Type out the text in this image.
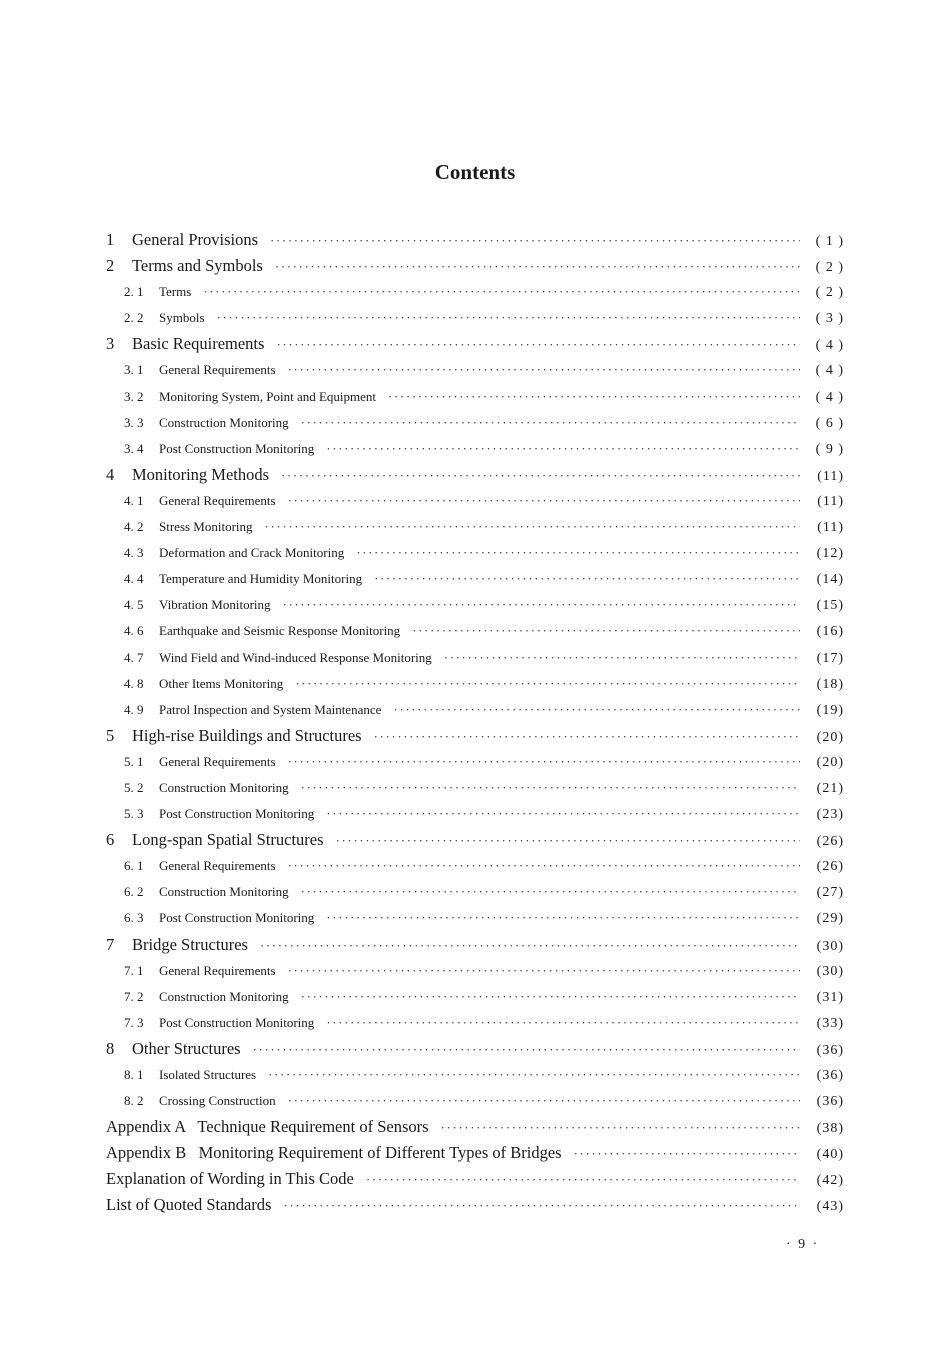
Contents
1	General Provisions ·····	( 1 )
2	Terms and Symbols ·····	( 2 )
2. 1	Terms ·····	( 2 )
2. 2	Symbols ·····	( 3 )
3	Basic Requirements ·····	( 4 )
3. 1	General Requirements ·····	( 4 )
3. 2	Monitoring System, Point and Equipment ·····	( 4 )
3. 3	Construction Monitoring ·····	( 6 )
3. 4	Post Construction Monitoring ·····	( 9 )
4	Monitoring Methods ·····	(11)
4. 1	General Requirements ·····	(11)
4. 2	Stress Monitoring ·····	(11)
4. 3	Deformation and Crack Monitoring ·····	(12)
4. 4	Temperature and Humidity Monitoring ·····	(14)
4. 5	Vibration Monitoring ·····	(15)
4. 6	Earthquake and Seismic Response Monitoring ·····	(16)
4. 7	Wind Field and Wind-induced Response Monitoring ·····	(17)
4. 8	Other Items Monitoring ·····	(18)
4. 9	Patrol Inspection and System Maintenance ·····	(19)
5	High-rise Buildings and Structures ·····	(20)
5. 1	General Requirements ·····	(20)
5. 2	Construction Monitoring ·····	(21)
5. 3	Post Construction Monitoring ·····	(23)
6	Long-span Spatial Structures ·····	(26)
6. 1	General Requirements ·····	(26)
6. 2	Construction Monitoring ·····	(27)
6. 3	Post Construction Monitoring ·····	(29)
7	Bridge Structures ·····	(30)
7. 1	General Requirements ·····	(30)
7. 2	Construction Monitoring ·····	(31)
7. 3	Post Construction Monitoring ·····	(33)
8	Other Structures ·····	(36)
8. 1	Isolated Structures ·····	(36)
8. 2	Crossing Construction ·····	(36)
Appendix A   Technique Requirement of Sensors ·····	(38)
Appendix B   Monitoring Requirement of Different Types of Bridges ·····	(40)
Explanation of Wording in This Code ·····	(42)
List of Quoted Standards ·····	(43)
· 9 ·
